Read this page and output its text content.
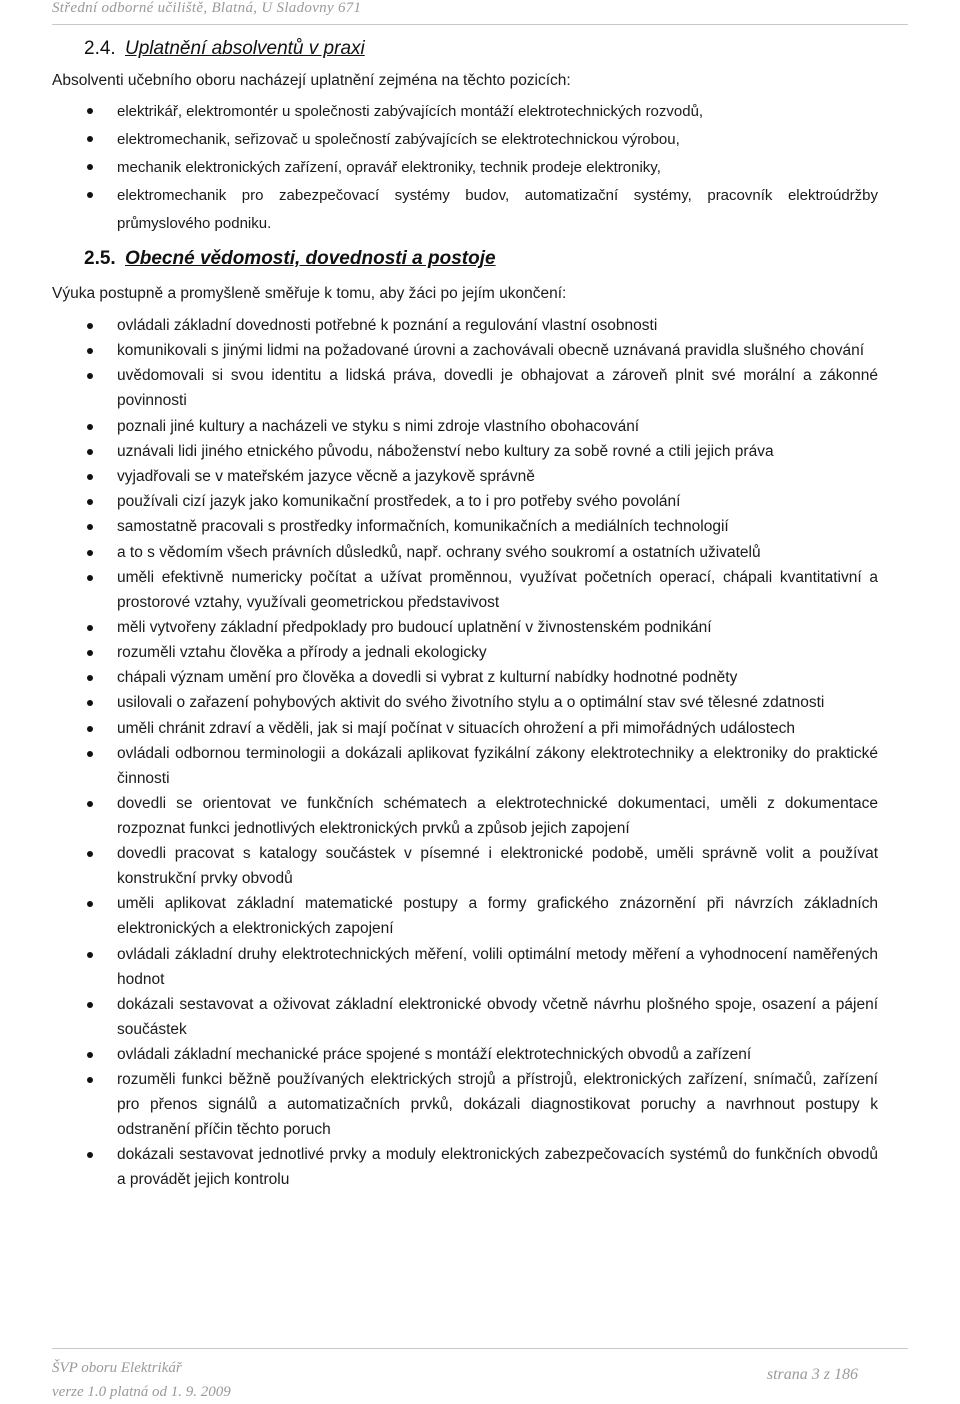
Střední odborné učiliště, Blatná, U Sladovny 671
2.4. Uplatnění absolventů v praxi
Absolventi učebního oboru nacházejí uplatnění zejména na těchto pozicích:
elektrikář, elektromontér u společnosti zabývajících montáží elektrotechnických rozvodů,
elektromechanik, seřizovač u společností zabývajících se elektrotechnickou výrobou,
mechanik elektronických zařízení, opravář elektroniky, technik prodeje elektroniky,
elektromechanik pro zabezpečovací systémy budov, automatizační systémy, pracovník elektroúdržby průmyslového podniku.
2.5. Obecné vědomosti, dovednosti a postoje
Výuka postupně a promyšleně směřuje k tomu, aby žáci po jejím ukončení:
ovládali základní dovednosti potřebné k poznání a regulování vlastní osobnosti
komunikovali s jinými lidmi na požadované úrovni a zachovávali obecně uznávaná pravidla slušného chování
uvědomovali si svou identitu a lidská práva, dovedli je obhajovat a zároveň plnit své morální a zákonné povinnosti
poznali jiné kultury a nacházeli ve styku s nimi zdroje vlastního obohacování
uznávali lidi jiného etnického původu, náboženství nebo kultury za sobě rovné a ctili jejich práva
vyjadřovali se v mateřském jazyce věcně a jazykově správně
používali cizí jazyk jako komunikační prostředek, a to i pro potřeby svého povolání
samostatně pracovali s prostředky informačních, komunikačních a mediálních technologií
a to s vědomím všech právních důsledků, např. ochrany svého soukromí a ostatních uživatelů
uměli efektivně numericky počítat a užívat proměnnou, využívat početních operací, chápali kvantitativní a prostorové vztahy, využívali geometrickou představivost
měli vytvořeny základní předpoklady pro budoucí uplatnění v živnostenském podnikání
rozuměli vztahu člověka a přírody a jednali ekologicky
chápali význam umění pro člověka a dovedli si vybrat z kulturní nabídky hodnotné podněty
usilovali o zařazení pohybových aktivit do svého životního stylu a o optimální stav své tělesné zdatnosti
uměli chránit zdraví a věděli, jak si mají počínat v situacích ohrožení a při mimořádných událostech
ovládali odbornou terminologii a dokázali aplikovat fyzikální zákony elektrotechniky a elektroniky do praktické činnosti
dovedli se orientovat ve funkčních schématech a elektrotechnické dokumentaci, uměli z dokumentace rozpoznat funkci jednotlivých elektronických prvků a způsob jejich zapojení
dovedli pracovat s katalogy součástek v písemné i elektronické podobě, uměli správně volit a používat konstrukční prvky obvodů
uměli aplikovat základní matematické postupy a formy grafického znázornění při návrzích základních elektronických a elektronických zapojení
ovládali základní druhy elektrotechnických měření, volili optimální metody měření a vyhodnocení naměřených hodnot
dokázali sestavovat a oživovat základní elektronické obvody včetně návrhu plošného spoje, osazení a pájení součástek
ovládali základní mechanické práce spojené s montáží elektrotechnických obvodů a zařízení
rozuměli funkci běžně používaných elektrických strojů a přístrojů, elektronických zařízení, snímačů, zařízení pro přenos signálů a automatizačních prvků, dokázali diagnostikovat poruchy a navrhnout postupy k odstranění příčin těchto poruch
dokázali sestavovat jednotlivé prvky a moduly elektronických zabezpečovacích systémů do funkčních obvodů a provádět jejich kontrolu
ŠVP oboru Elektrikář
verze 1.0 platná od 1. 9. 2009
strana 3 z 186
